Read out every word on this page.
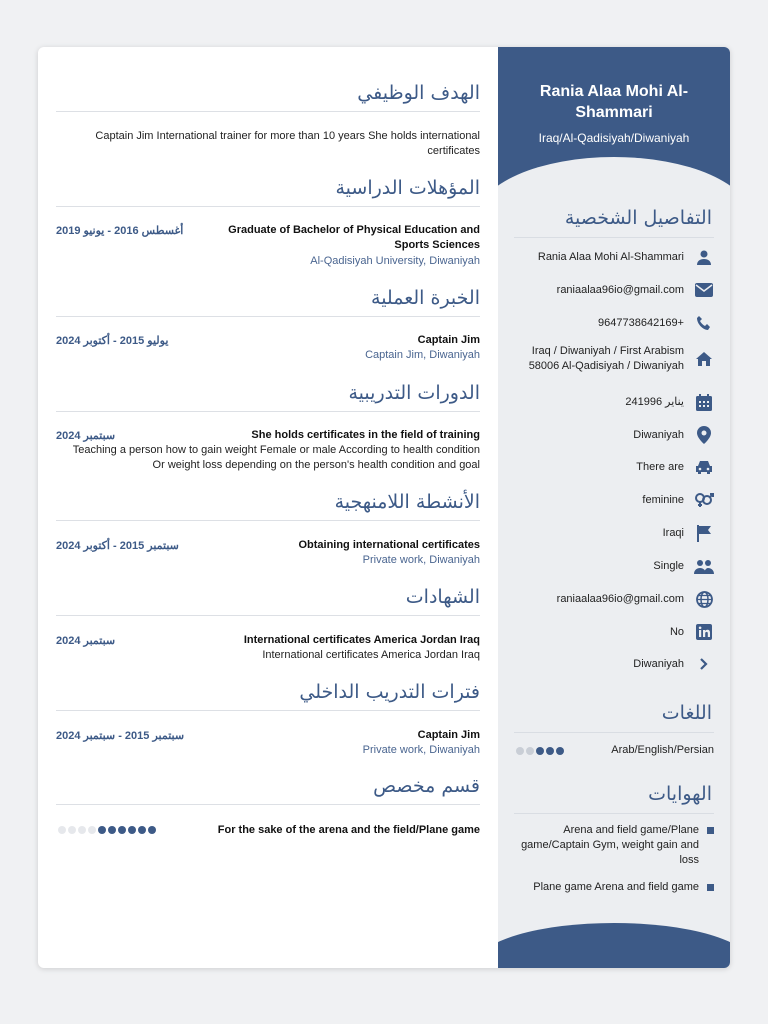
الهدف الوظيفي
Captain Jim International trainer for more than 10 years She holds international certificates
المؤهلات الدراسية
Graduate of Bachelor of Physical Education and Sports Sciences
Al-Qadisiyah University, Diwaniyah
أغسطس 2016 - يونيو 2019
الخبرة العملية
Captain Jim
Captain Jim, Diwaniyah
يوليو 2015 - أكتوبر 2024
الدورات التدريبية
She holds certificates in the field of training
Teaching a person how to gain weight Female or male According to health condition Or weight loss depending on the person's health condition and goal
سبتمبر 2024
الأنشطة اللامنهجية
Obtaining international certificates
Private work, Diwaniyah
سبتمبر 2015 - أكتوبر 2024
الشهادات
International certificates America Jordan Iraq
International certificates America Jordan Iraq
سبتمبر 2024
فترات التدريب الداخلي
Captain Jim
Private work, Diwaniyah
سبتمبر 2015 - سبتمبر 2024
قسم مخصص
For the sake of the arena and the field/Plane game
Rania Alaa Mohi Al-Shammari
Iraq/Al-Qadisiyah/Diwaniyah
التفاصيل الشخصية
Rania Alaa Mohi Al-Shammari
raniaalaa96io@gmail.com
9647738642169+
Iraq / Diwaniyah / First Arabism 58006 Al-Qadisiyah / Diwaniyah
24يناير 1996
Diwaniyah
There are
feminine
Iraqi
Single
raniaalaa96io@gmail.com
No
Diwaniyah
اللغات
Arab/English/Persian
الهوايات
Arena and field game/Plane game/Captain Gym, weight gain and loss
Plane game Arena and field game
